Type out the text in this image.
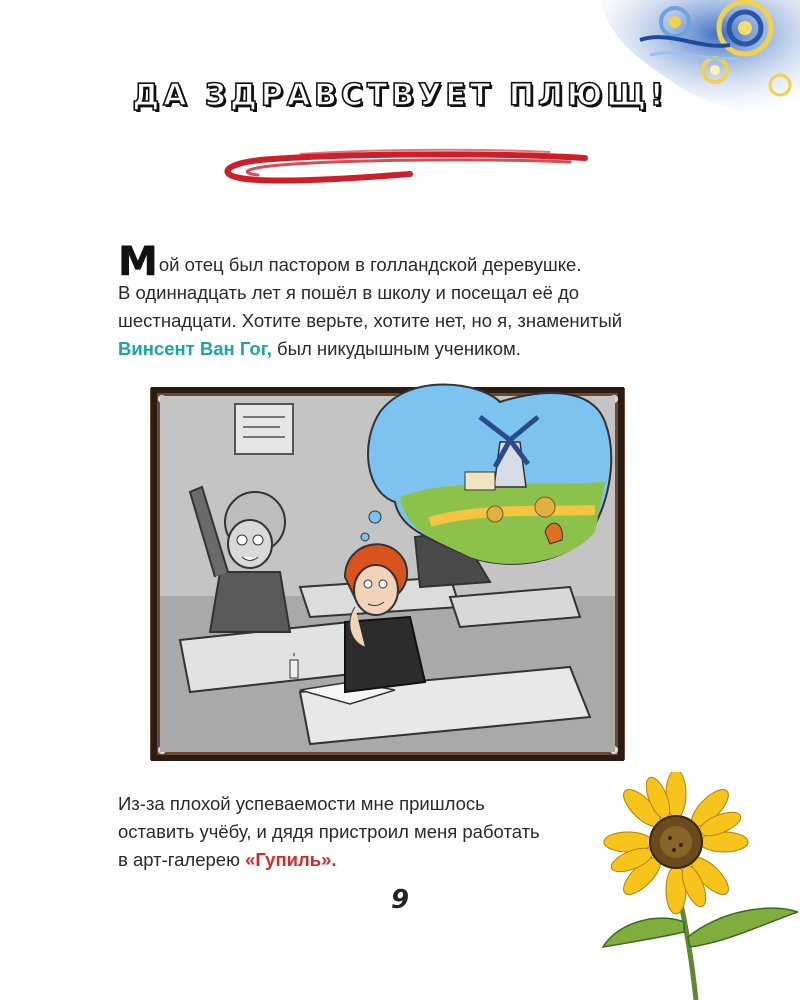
ДА ЗДРАВСТВУЕТ ПЛЮЩ!
Мой отец был пастором в голландской деревушке.
В одиннадцать лет я пошёл в школу и посещал её до
шестнадцати. Хотите верьте, хотите нет, но я, знаменитый
Винсент Ван Гог, был никудышным учеником.
Из-за плохой успеваемости мне пришлось
оставить учёбу, и дядя пристроил меня работать
в арт-галерею «Гупиль».
9
